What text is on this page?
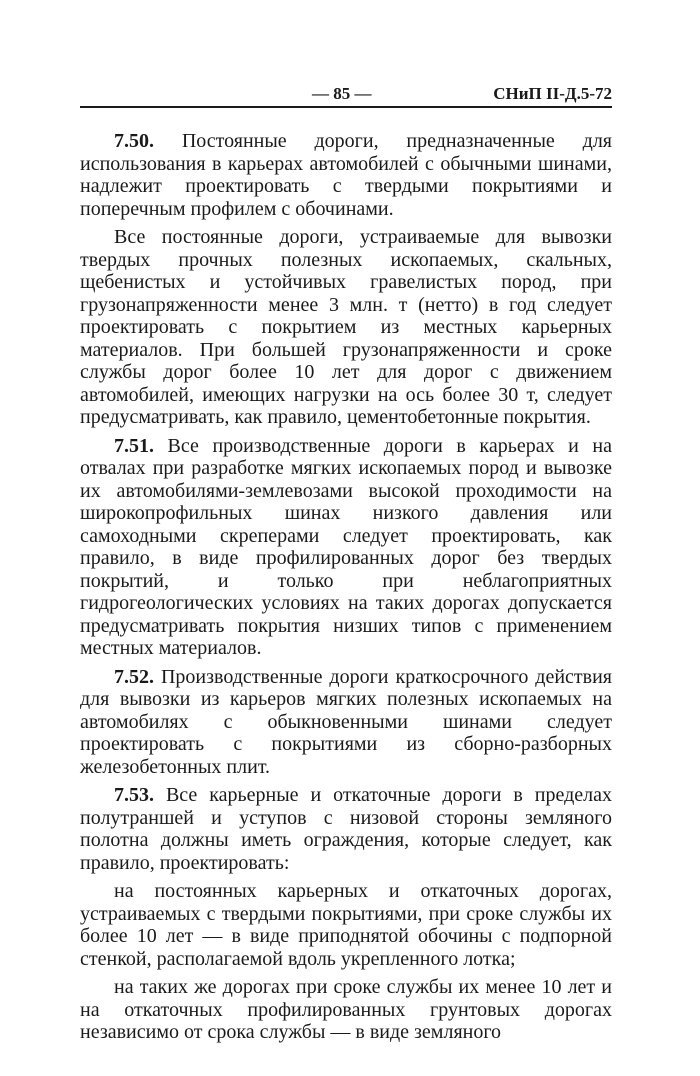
— 85 —	СНиП II-Д.5-72

7.50. Постоянные дороги, предназначенные для использования в карьерах автомобилей с обычными шинами, надлежит проектировать с твердыми покрытиями и поперечным профилем с обочинами.

Все постоянные дороги, устраиваемые для вывозки твердых прочных полезных ископаемых, скальных, щебенистых и устойчивых гравелистых пород, при грузонапряженности менее 3 млн. т (нетто) в год следует проектировать с покрытием из местных карьерных материалов. При большей грузонапряженности и сроке службы дорог более 10 лет для дорог с движением автомобилей, имеющих нагрузки на ось более 30 т, следует предусматривать, как правило, цементобетонные покрытия.

7.51. Все производственные дороги в карьерах и на отвалах при разработке мягких ископаемых пород и вывозке их автомобилями-землевозами высокой проходимости на широкопрофильных шинах низкого давления или самоходными скреперами следует проектировать, как правило, в виде профилированных дорог без твердых покрытий, и только при неблагоприятных гидрогеологических условиях на таких дорогах допускается предусматривать покрытия низших типов с применением местных материалов.

7.52. Производственные дороги краткосрочного действия для вывозки из карьеров мягких полезных ископаемых на автомобилях с обыкновенными шинами следует проектировать с покрытиями из сборно-разборных железобетонных плит.

7.53. Все карьерные и откаточные дороги в пределах полутраншей и уступов с низовой стороны земляного полотна должны иметь ограждения, которые следует, как правило, проектировать:

на постоянных карьерных и откаточных дорогах, устраиваемых с твердыми покрытиями, при сроке службы их более 10 лет — в виде приподнятой обочины с подпорной стенкой, располагаемой вдоль укрепленного лотка;

на таких же дорогах при сроке службы их менее 10 лет и на откаточных профилированных грунтовых дорогах независимо от срока службы — в виде земляного
